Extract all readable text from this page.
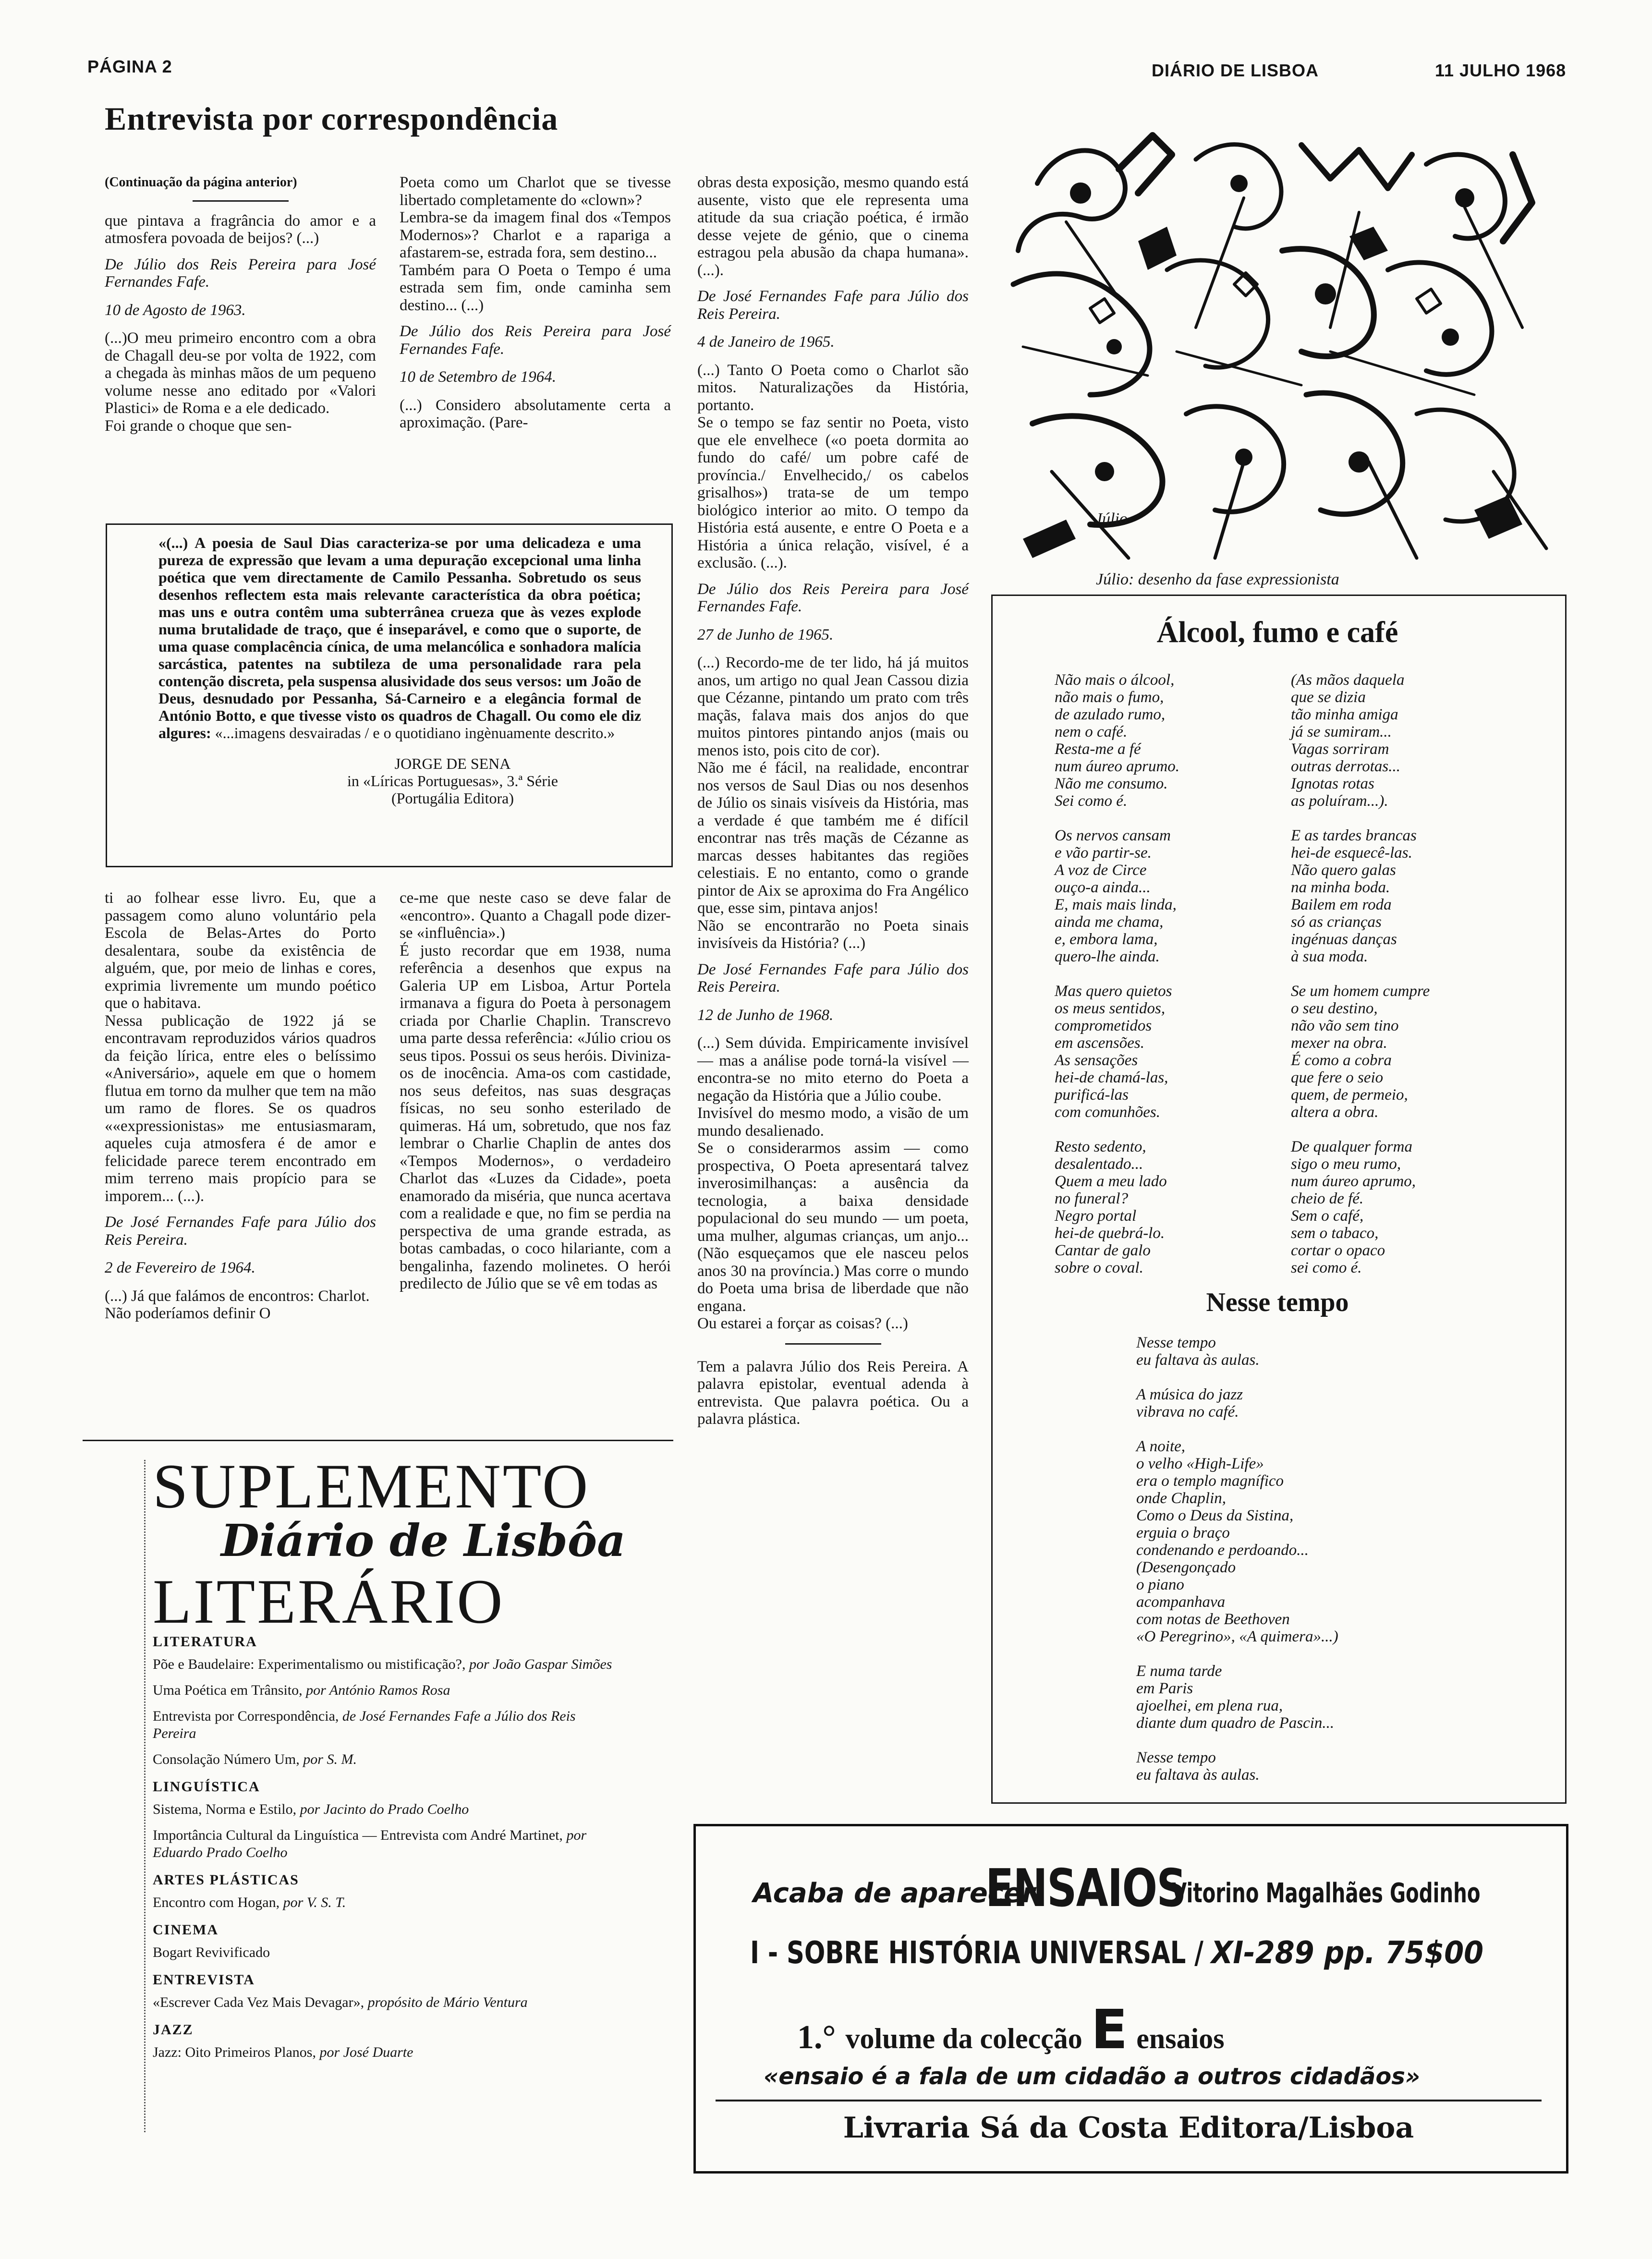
PÁGINA 2	DIÁRIO DE LISBOA	11 JULHO 1968
Entrevista por correspondência

(Continuação da página anterior)

que pintava a fragrância do amor e a atmosfera povoada de beijos? (...)

De Júlio dos Reis Pereira para José Fernandes Fafe.

10 de Agosto de 1963.

(...)O meu primeiro encontro com a obra de Chagall deu-se por volta de 1922, com a chegada às minhas mãos de um pequeno volume nesse ano editado por «Valori Plastici» de Roma e a ele dedicado.

Foi grande o choque que sen-

Poeta como um Charlot que se tivesse libertado completamente do «clown»?

Lembra-se da imagem final dos «Tempos Modernos»? Charlot e a rapariga a afastarem-se, estrada fora, sem destino...

Também para O Poeta o Tempo é uma estrada sem fim, onde caminha sem destino... (...)

De Júlio dos Reis Pereira para José Fernandes Fafe.

10 de Setembro de 1964.

(...) Considero absolutamente certa a aproximação. (Pare-

«(...) A poesia de Saul Dias caracteriza-se por uma delicadeza e uma pureza de expressão que levam a uma depuração excepcional uma linha poética que vem directamente de Camilo Pessanha. Sobretudo os seus desenhos reflectem esta mais relevante característica da obra poética; mas uns e outra contêm uma subterrânea crueza que às vezes explode numa brutalidade de traço, que é inseparável, e como que o suporte, de uma quase complacência cínica, de uma melancólica e sonhadora malícia sarcástica, patentes na subtileza de uma personalidade rara pela contenção discreta, pela suspensa alusividade dos seus versos: um João de Deus, desnudado por Pessanha, Sá-Carneiro e a elegância formal de António Botto, e que tivesse visto os quadros de Chagall. Ou como ele diz algures: «...imagens desvairadas / e o quotidiano ingènuamente descrito.»

JORGE DE SENA

in «Líricas Portuguesas», 3.ª Série

(Portugália Editora)

ti ao folhear esse livro. Eu, que a passagem como aluno voluntário pela Escola de Belas-Artes do Porto desalentara, soube da existência de alguém, que, por meio de linhas e cores, exprimia livremente um mundo poético que o habitava.

Nessa publicação de 1922 já se encontravam reproduzidos vários quadros da feição lírica, entre eles o belíssimo «Aniversário», aquele em que o homem flutua em torno da mulher que tem na mão um ramo de flores. Se os quadros ««expressionistas» me entusiasmaram, aqueles cuja atmosfera é de amor e felicidade parece terem encontrado em mim terreno mais propício para se imporem... (...).

De José Fernandes Fafe para Júlio dos Reis Pereira.

2 de Fevereiro de 1964.

(...) Já que falámos de encontros: Charlot.

Não poderíamos definir O

ce-me que neste caso se deve falar de «encontro». Quanto a Chagall pode dizer-se «influência».)

É justo recordar que em 1938, numa referência a desenhos que expus na Galeria UP em Lisboa, Artur Portela irmanava a figura do Poeta à personagem criada por Charlie Chaplin. Transcrevo uma parte dessa referência: «Júlio criou os seus tipos. Possui os seus heróis. Diviniza-os de inocência. Ama-os com castidade, nos seus defeitos, nas suas desgraças físicas, no seu sonho esterilado de quimeras. Há um, sobretudo, que nos faz lembrar o Charlie Chaplin de antes dos «Tempos Modernos», o verdadeiro Charlot das «Luzes da Cidade», poeta enamorado da miséria, que nunca acertava com a realidade e que, no fim se perdia na perspectiva de uma grande estrada, as botas cambadas, o coco hilariante, com a bengalinha, fazendo molinetes. O herói predilecto de Júlio que se vê em todas as

obras desta exposição, mesmo quando está ausente, visto que ele representa uma atitude da sua criação poética, é irmão desse vejete de génio, que o cinema estragou pela abusão da chapa humana». (...).

De José Fernandes Fafe para Júlio dos Reis Pereira.

4 de Janeiro de 1965.

(...) Tanto O Poeta como o Charlot são mitos. Naturalizações da História, portanto.

Se o tempo se faz sentir no Poeta, visto que ele envelhece («o poeta dormita ao fundo do café/ um pobre café de província./ Envelhecido,/ os cabelos grisalhos») trata-se de um tempo biológico interior ao mito. O tempo da História está ausente, e entre O Poeta e a História a única relação, visível, é a exclusão. (...).

De Júlio dos Reis Pereira para José Fernandes Fafe.

27 de Junho de 1965.

(...) Recordo-me de ter lido, há já muitos anos, um artigo no qual Jean Cassou dizia que Cézanne, pintando um prato com três maçãs, falava mais dos anjos do que muitos pintores pintando anjos (mais ou menos isto, pois cito de cor).

Não me é fácil, na realidade, encontrar nos versos de Saul Dias ou nos desenhos de Júlio os sinais visíveis da História, mas a verdade é que também me é difícil encontrar nas três maçãs de Cézanne as marcas desses habitantes das regiões celestiais. E no entanto, como o grande pintor de Aix se aproxima do Fra Angélico que, esse sim, pintava anjos!

Não se encontrarão no Poeta sinais invisíveis da História? (...)

De José Fernandes Fafe para Júlio dos Reis Pereira.

12 de Junho de 1968.

(...) Sem dúvida. Empiricamente invisível — mas a análise pode torná-la visível — encontra-se no mito eterno do Poeta a negação da História que a Júlio coube.

Invisível do mesmo modo, a visão de um mundo desalienado.

Se o considerarmos assim — como prospectiva, O Poeta apresentará talvez inverosimilhanças: a ausência da tecnologia, a baixa densidade populacional do seu mundo — um poeta, uma mulher, algumas crianças, um anjo... (Não esqueçamos que ele nasceu pelos anos 30 na província.) Mas corre o mundo do Poeta uma brisa de liberdade que não engana.

Ou estarei a forçar as coisas? (...)

Tem a palavra Júlio dos Reis Pereira. A palavra epistolar, eventual adenda à entrevista. Que palavra poética. Ou a palavra plástica.

Júlio
Júlio: desenho da fase expressionista
Álcool, fumo e café
Não mais o álcool,
não mais o fumo,
de azulado rumo,
nem o café.
Resta-me a fé
num áureo aprumo.
Não me consumo.
Sei como é.

Os nervos cansam
e vão partir-se.
A voz de Circe
ouço-a ainda...
E, mais mais linda,
ainda me chama,
e, embora lama,
quero-lhe ainda.

Mas quero quietos
os meus sentidos,
comprometidos
em ascensões.
As sensações
hei-de chamá-las,
purificá-las
com comunhões.

Resto sedento,
desalentado...
Quem a meu lado
no funeral?
Negro portal
hei-de quebrá-lo.
Cantar de galo
sobre o coval.
(As mãos daquela
que se dizia
tão minha amiga
já se sumiram...
Vagas sorriram
outras derrotas...
Ignotas rotas
as poluíram...).

E as tardes brancas
hei-de esquecê-las.
Não quero galas
na minha boda.
Bailem em roda
só as crianças
ingénuas danças
à sua moda.

Se um homem cumpre
o seu destino,
não vão sem tino
mexer na obra.
É como a cobra
que fere o seio
quem, de permeio,
altera a obra.

De qualquer forma
sigo o meu rumo,
num áureo aprumo,
cheio de fé.
Sem o café,
sem o tabaco,
cortar o opaco
sei como é.
Nesse tempo
Nesse tempo
eu faltava às aulas.

A música do jazz
vibrava no café.

A noite,
o velho «High-Life»
era o templo magnífico
onde Chaplin,
Como o Deus da Sistina,
erguia o braço
condenando e perdoando...
(Desengonçado
o piano
acompanhava
com notas de Beethoven
«O Peregrino», «A quimera»...)

E numa tarde
em Paris
ajoelhei, em plena rua,
diante dum quadro de Pascin...

Nesse tempo
eu faltava às aulas.
SUPLEMENTO
Diário de Lisbôa
LITERÁRIO
LITERATURA

Põe e Baudelaire: Experimentalismo ou mistificação?, por João Gaspar Simões

Uma Poética em Trânsito, por António Ramos Rosa

Entrevista por Correspondência, de José Fernandes Fafe a Júlio dos Reis Pereira

Consolação Número Um, por S. M.

LINGUÍSTICA

Sistema, Norma e Estilo, por Jacinto do Prado Coelho

Importância Cultural da Linguística — Entrevista com André Martinet, por Eduardo Prado Coelho

ARTES PLÁSTICAS

Encontro com Hogan, por V. S. T.

CINEMA

Bogart Revivificado

ENTREVISTA

«Escrever Cada Vez Mais Devagar», propósito de Mário Ventura

JAZZ

Jazz: Oito Primeiros Planos, por José Duarte

Acaba de aparecer
ENSAIOS
Vitorino Magalhães Godinho
I - SOBRE HISTÓRIA UNIVERSAL / XI-289 pp. 75$00
1.° volume da colecção E ensaios
«ensaio é a fala de um cidadão a outros cidadãos»
Livraria Sá da Costa Editora/Lisboa
